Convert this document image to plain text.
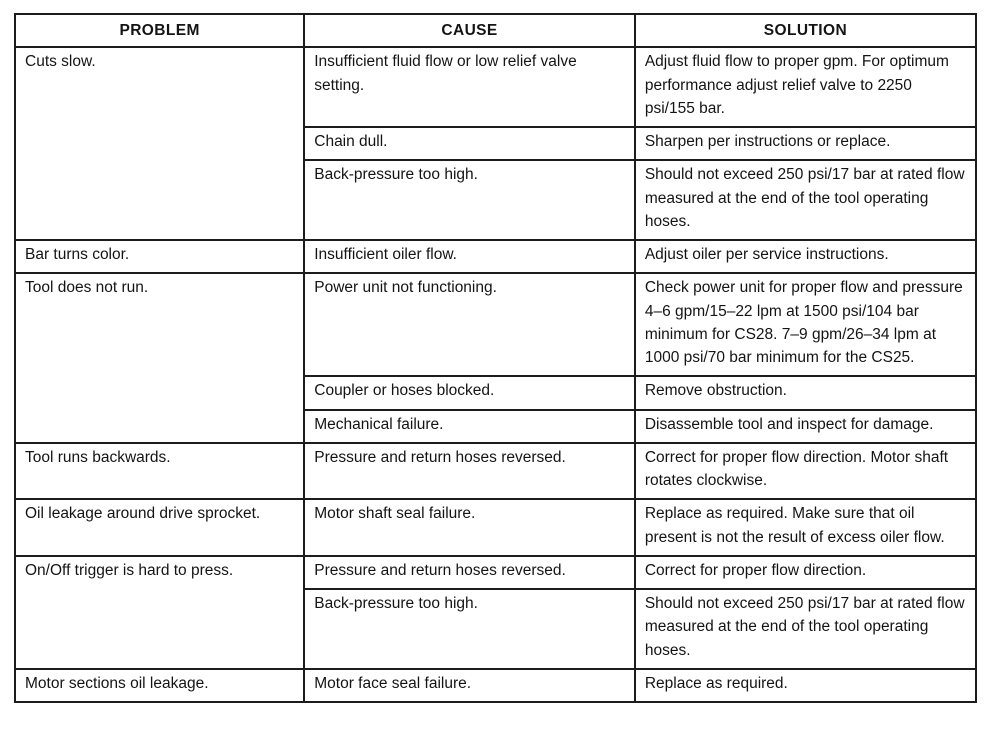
PROBLEM	CAUSE	SOLUTION
Cuts slow.	Insufficient fluid flow or low relief valve setting.	Adjust fluid flow to proper gpm. For optimum performance adjust relief valve to 2250 psi/155 bar.
	Chain dull.	Sharpen per instructions or replace.
	Back-pressure too high.	Should not exceed 250 psi/17 bar at rated flow measured at the end of the tool operating hoses.
Bar turns color.	Insufficient oiler flow.	Adjust oiler per service instructions.
Tool does not run.	Power unit not functioning.	Check power unit for proper flow and pressure 4–6 gpm/15–22 lpm at 1500 psi/104 bar minimum for CS28. 7–9 gpm/26–34 lpm at 1000 psi/70 bar minimum for the CS25.
	Coupler or hoses blocked.	Remove obstruction.
	Mechanical failure.	Disassemble tool and inspect for damage.
Tool runs backwards.	Pressure and return hoses reversed.	Correct for proper flow direction. Motor shaft rotates clockwise.
Oil leakage around drive sprocket.	Motor shaft seal failure.	Replace as required. Make sure that oil present is not the result of excess oiler flow.
On/Off trigger is hard to press.	Pressure and return hoses reversed.	Correct for proper flow direction.
	Back-pressure too high.	Should not exceed 250 psi/17 bar at rated flow measured at the end of the tool operating hoses.
Motor sections oil leakage.	Motor face seal failure.	Replace as required.
